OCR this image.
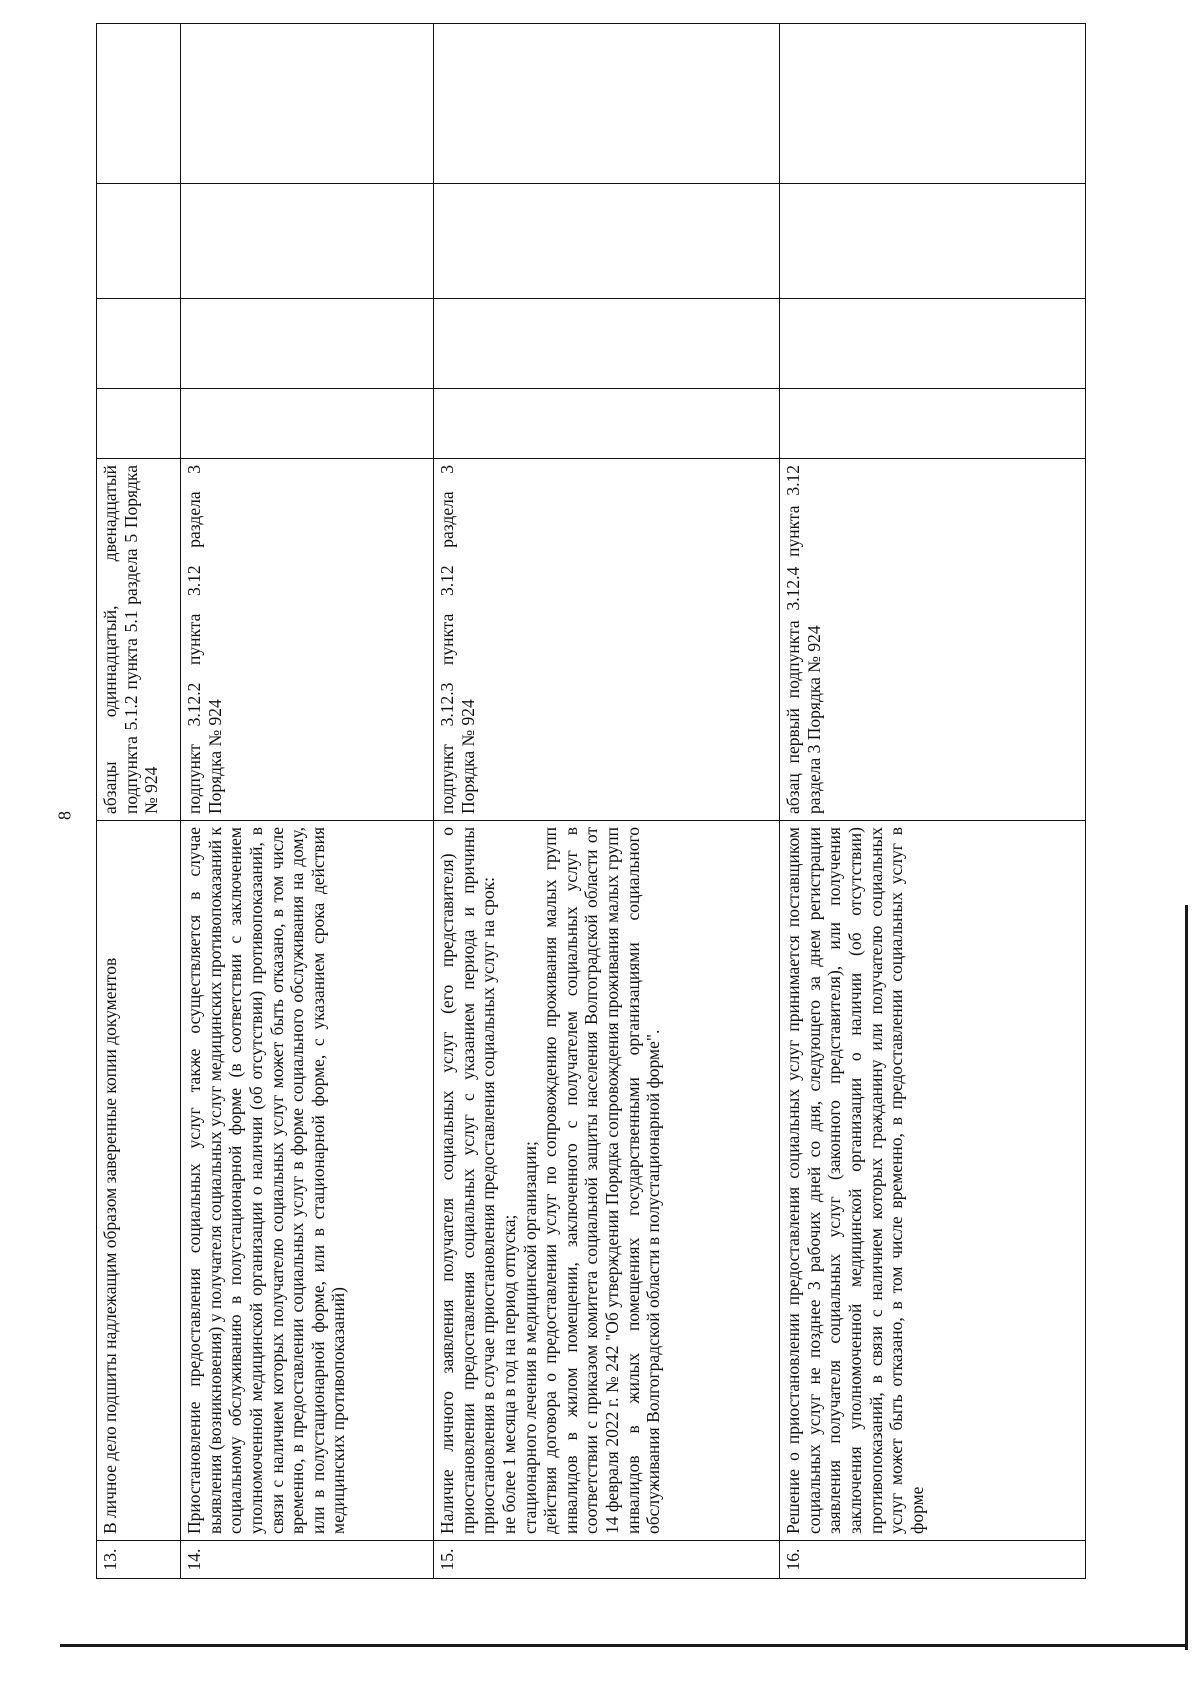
8
13.	В личное дело подшиты надлежащим образом заверенные копии документов	абзацы одиннадцатый, двенадцатый подпункта 5.1.2 пункта 5.1 раздела 5 Порядка № 924				
14.	Приостановление предоставления социальных услуг также осуществляется в случае выявления (возникновения) у получателя социальных услуг медицинских противопоказаний к социальному обслуживанию в полустационарной форме (в соответствии с заключением уполномоченной медицинской организации о наличии (об отсутствии) противопоказаний, в связи с наличием которых получателю социальных услуг может быть отказано, в том числе временно, в предоставлении социальных услуг в форме социального обслуживания на дому, или в полустационарной форме, или в стационарной форме, с указанием срока действия медицинских противопоказаний)	подпункт 3.12.2 пункта 3.12 раздела 3 Порядка № 924				
15.	Наличие личного заявления получателя социальных услуг (его представителя) о приостановлении предоставления социальных услуг с указанием периода и причины приостановления в случае приостановления предоставления социальных услуг на срок: не более 1 месяца в год на период отпуска; стационарного лечения в медицинской организации; действия договора о предоставлении услуг по сопровождению проживания малых групп инвалидов в жилом помещении, заключенного с получателем социальных услуг в соответствии с приказом комитета социальной защиты населения Волгоградской области от 14 февраля 2022 г. № 242 "Об утверждении Порядка сопровождения проживания малых групп инвалидов в жилых помещениях государственными организациями социального обслуживания Волгоградской области в полустационарной форме".	подпункт 3.12.3 пункта 3.12 раздела 3 Порядка № 924				
16.	Решение о приостановлении предоставления социальных услуг принимается поставщиком социальных услуг не позднее 3 рабочих дней со дня, следующего за днем регистрации заявления получателя социальных услуг (законного представителя), или получения заключения уполномоченной медицинской организации о наличии (об отсутствии) противопоказаний, в связи с наличием которых гражданину или получателю социальных услуг может быть отказано, в том числе временно, в предоставлении социальных услуг в форме	абзац первый подпункта 3.12.4 пункта 3.12 раздела 3 Порядка № 924				
